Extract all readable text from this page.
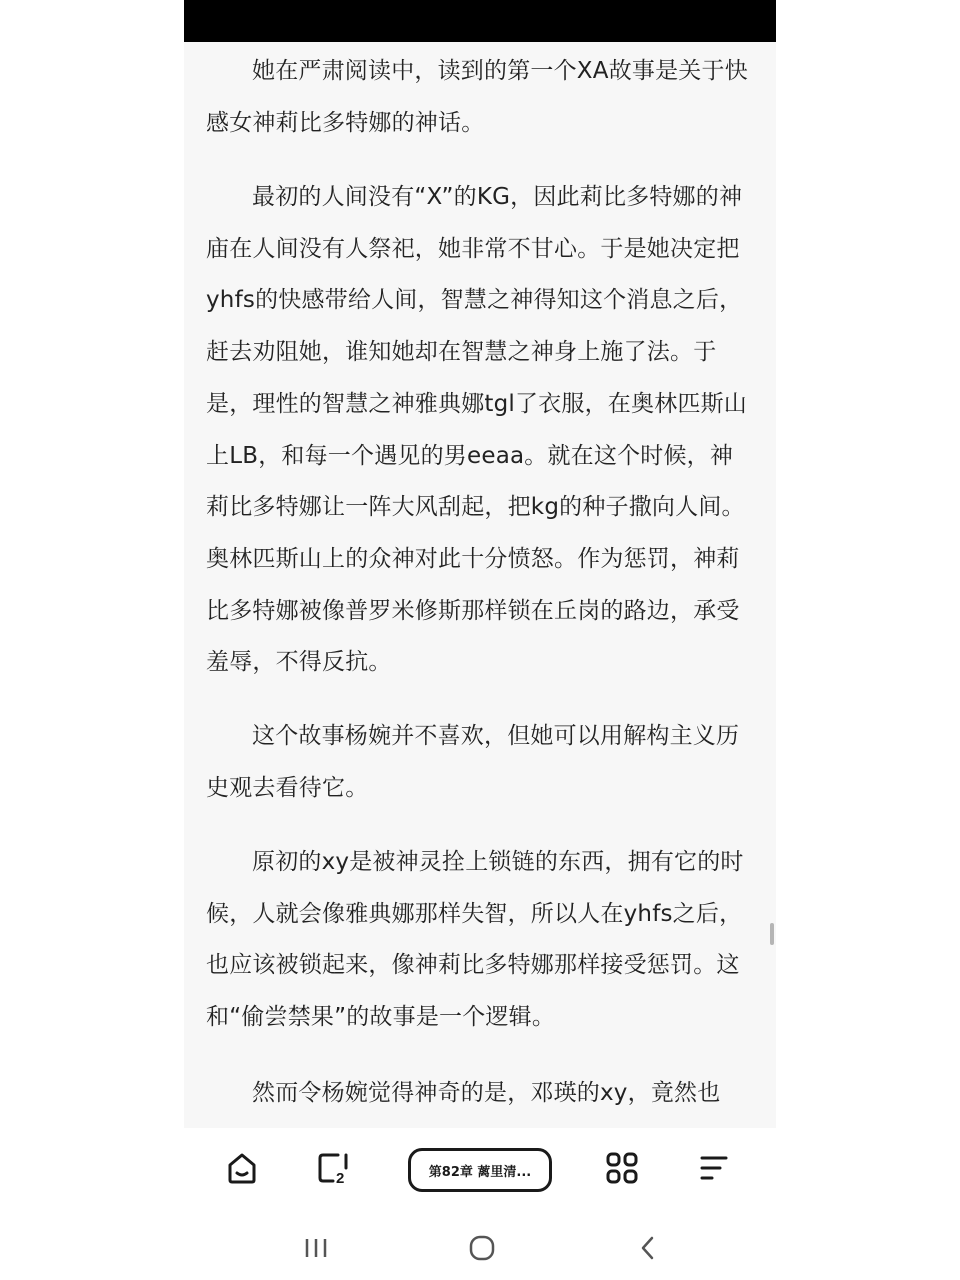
她在严肃阅读中，读到的第一个XA故事是关于快感女神莉比多特娜的神话。

最初的人间没有“X”的KG，因此莉比多特娜的神庙在人间没有人祭祀，她非常不甘心。于是她决定把yhfs的快感带给人间，智慧之神得知这个消息之后，赶去劝阻她，谁知她却在智慧之神身上施了法。于是，理性的智慧之神雅典娜tgl了衣服，在奥林匹斯山上LB，和每一个遇见的男eeaa。就在这个时候，神莉比多特娜让一阵大风刮起，把kg的种子撒向人间。奥林匹斯山上的众神对此十分愤怒。作为惩罚，神莉比多特娜被像普罗米修斯那样锁在丘岗的路边，承受羞辱，不得反抗。

这个故事杨婉并不喜欢，但她可以用解构主义历史观去看待它。

原初的xy是被神灵拴上锁链的东西，拥有它的时候，人就会像雅典娜那样失智，所以人在yhfs之后，也应该被锁起来，像神莉比多特娜那样接受惩罚。这和“偷尝禁果”的故事是一个逻辑。

然而令杨婉觉得神奇的是，邓瑛的xy，竟然也

2	第82章 蓠里清...
